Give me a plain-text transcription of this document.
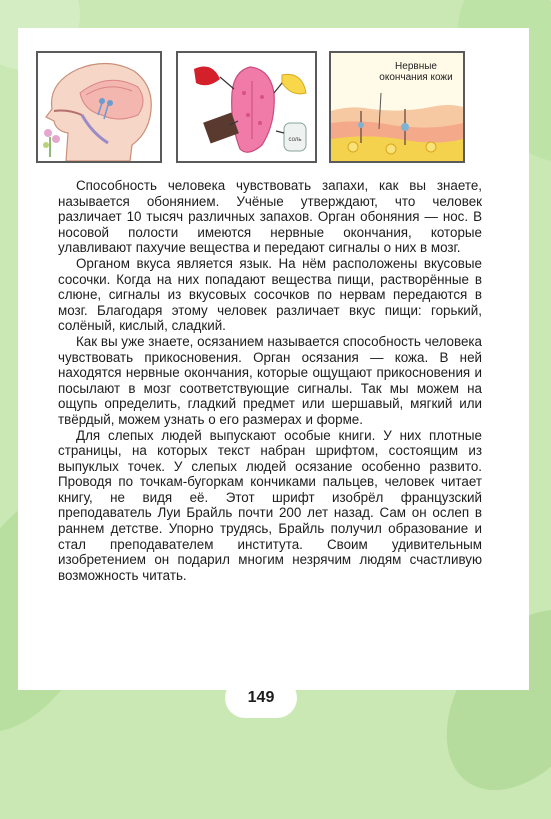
соль
Нервные окончания кожи

Способность человека чувствовать запахи, как вы знаете, называется обонянием. Учёные утверждают, что человек различает 10 тысяч различных запахов. Орган обоняния — нос. В носовой полости имеются нервные окончания, которые улавливают пахучие вещества и передают сигналы о них в мозг.

Органом вкуса является язык. На нём расположены вкусовые сосочки. Когда на них попадают вещества пищи, растворённые в слюне, сигналы из вкусовых сосочков по нервам передаются в мозг. Благодаря этому человек различает вкус пищи: горький, солёный, кислый, сладкий.

Как вы уже знаете, осязанием называется способность человека чувствовать прикосновения. Орган осязания — кожа. В ней находятся нервные окончания, которые ощущают прикосновения и посылают в мозг соответствующие сигналы. Так мы можем на ощупь определить, гладкий предмет или шершавый, мягкий или твёрдый, можем узнать о его размерах и форме.

Для слепых людей выпускают особые книги. У них плотные страницы, на которых текст набран шрифтом, состоящим из выпуклых точек. У слепых людей осязание особенно развито. Проводя по точкам-бугоркам кончиками пальцев, человек читает книгу, не видя её. Этот шрифт изобрёл французский преподаватель Луи Брайль почти 200 лет назад. Сам он ослеп в раннем детстве. Упорно трудясь, Брайль получил образование и стал преподавателем института. Своим удивительным изобретением он подарил многим незрячим людям счастливую возможность читать.

149
